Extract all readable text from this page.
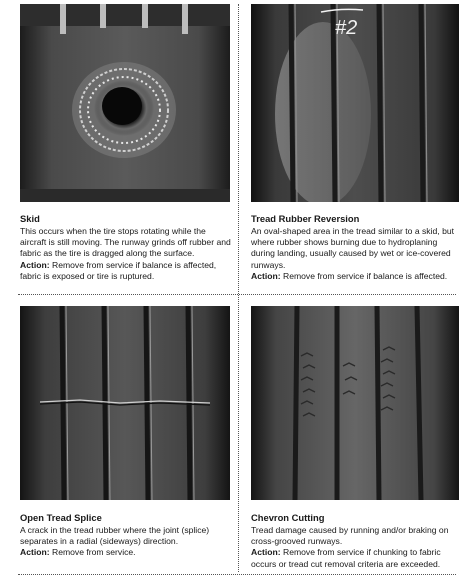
Skid

This occurs when the tire stops rotating while the aircraft is still moving. The runway grinds off rubber and fabric as the tire is dragged along the surface.

Action: Remove from service if balance is affected, fabric is exposed or tire is ruptured.

#2
Tread Rubber Reversion

An oval-shaped area in the tread similar to a skid, but where rubber shows burning due to hydroplaning during landing, usually caused by wet or ice-covered runways.

Action: Remove from service if balance is affected.

Open Tread Splice

A crack in the tread rubber where the joint (splice) separates in a radial (sideways) direction.

Action: Remove from service.

Chevron Cutting

Tread damage caused by running and/or braking on cross-grooved runways.

Action: Remove from service if chunking to fabric occurs or tread cut removal criteria are exceeded.
